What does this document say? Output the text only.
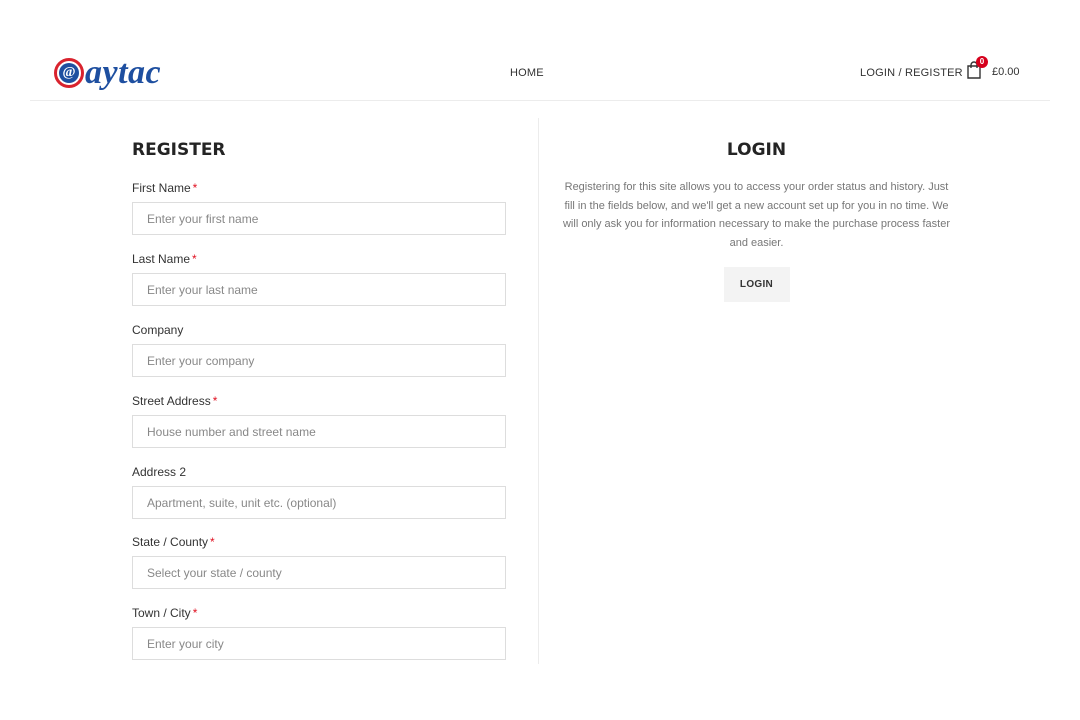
@ aytac	HOME	LOGIN / REGISTER
0
£0.00
REGISTER
First Name *
Enter your first name
Last Name *
Enter your last name
Company
Enter your company
Street Address *
House number and street name
Address 2
Apartment, suite, unit etc. (optional)
State / County *
Select your state / county
Town / City *
Enter your city
LOGIN
Registering for this site allows you to access your order status and history. Just fill in the fields below, and we'll get a new account set up for you in no time. We will only ask you for information necessary to make the purchase process faster and easier.
LOGIN
